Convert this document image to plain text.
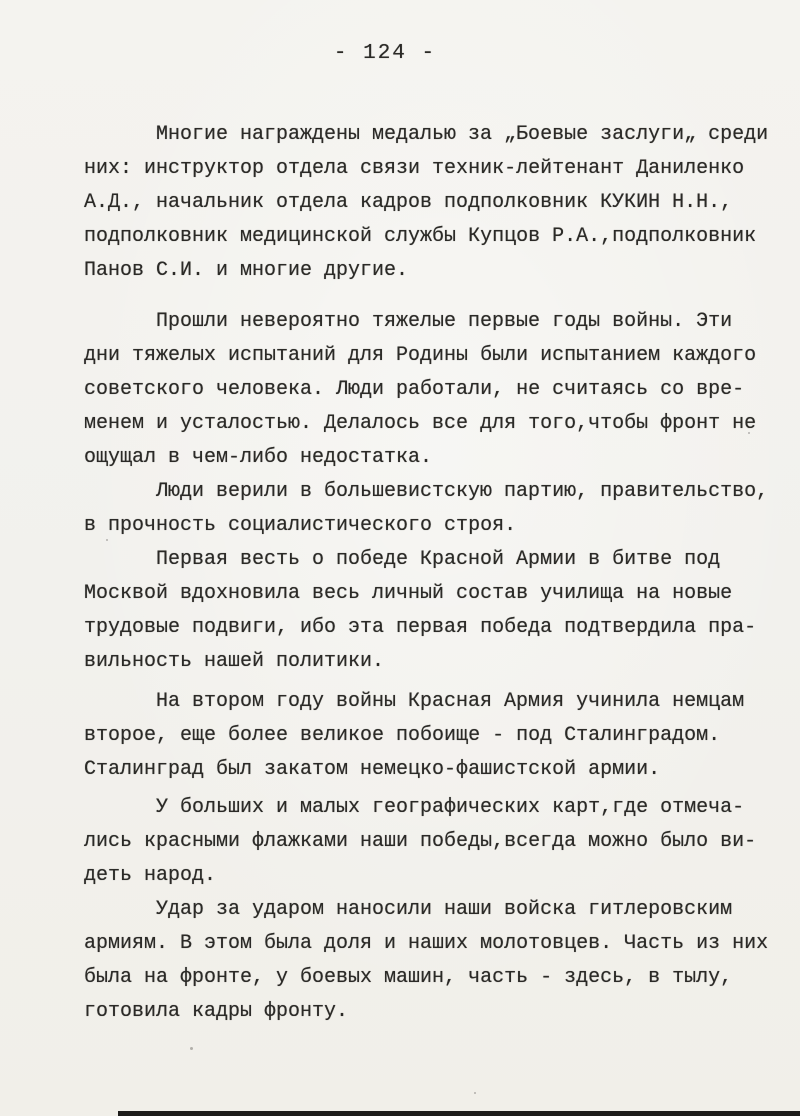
- 124 -
Многие награждены медалью за „Боевые заслуги„ среди
них: инструктор отдела связи техник-лейтенант Даниленко
А.Д., начальник отдела кадров подполковник КУКИН Н.Н.,
подполковник медицинской службы Купцов Р.А.,подполковник
Панов С.И. и многие другие.
Прошли невероятно тяжелые первые годы войны. Эти
дни тяжелых испытаний для Родины были испытанием каждого
советского человека. Люди работали, не считаясь со вре-
менем и усталостью. Делалось все для того,чтобы фронт не
ощущал в чем-либо недостатка.
Люди верили в большевистскую партию, правительство,
в прочность социалистического строя.
Первая весть о победе Красной Армии в битве под
Москвой вдохновила весь личный состав училища на новые
трудовые подвиги, ибо эта первая победа подтвердила пра-
вильность нашей политики.
На втором году войны Красная Армия учинила немцам
второе, еще более великое побоище - под Сталинградом.
Сталинград был закатом немецко-фашистской армии.
У больших и малых географических карт,где отмеча-
лись красными флажками наши победы,всегда можно было ви-
деть народ.
Удар за ударом наносили наши войска гитлеровским
армиям. В этом была доля и наших молотовцев. Часть из них
была на фронте, у боевых машин, часть - здесь, в тылу,
готовила кадры фронту.
